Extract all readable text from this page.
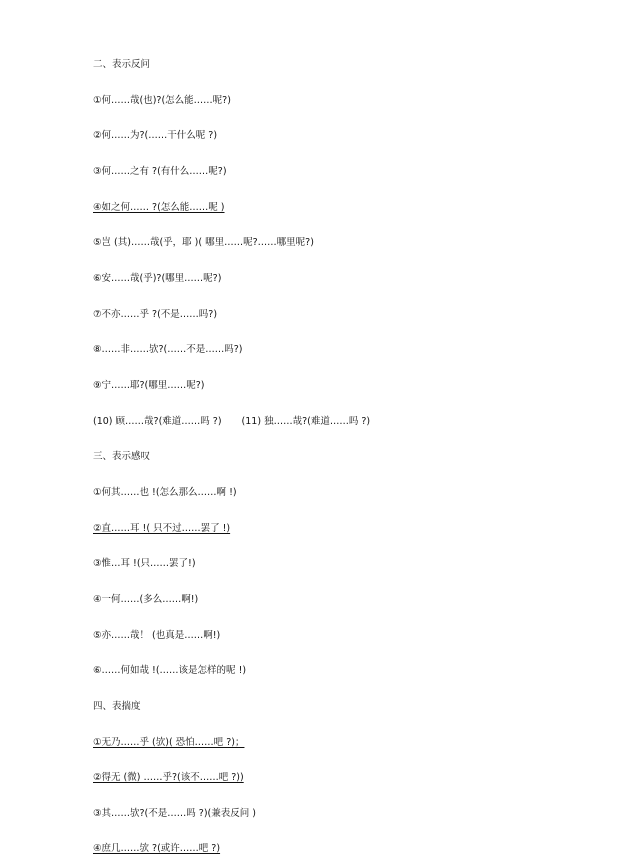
二、表示反问
①何……哉(也)?(怎么能……呢?)
②何……为?(……干什么呢 ?)
③何……之有 ?(有什么……呢?)
④如之何…… ?(怎么能……呢 )
⑤岂 (其)……哉(乎，耶 )( 哪里……呢?……哪里呢?)
⑥安……哉(乎)?(哪里……呢?)
⑦不亦……乎 ?(不是……吗?)
⑧……非……欤?(……不是……吗?)
⑨宁……耶?(哪里……呢?)
(10) 顾……哉?(难道……吗 ?) (11) 独……哉?(难道……吗 ?)
三、表示感叹
①何其……也 !(怎么那么……啊 !)
②直……耳 !( 只不过……罢了 !)
③惟…耳 !(只……罢了!)
④一何……(多么……啊!)
⑤亦……哉！ (也真是……啊!)
⑥……何如哉 !(……该是怎样的呢 !)
四、表揣度
①无乃……乎 (欤)( 恐怕……吧 ?)；
②得无 (微) ……乎?(该不……吧 ?))
③其……欤?(不是……吗 ?)(兼表反问 )
④庶几……欤 ?(或许……吧 ?)
